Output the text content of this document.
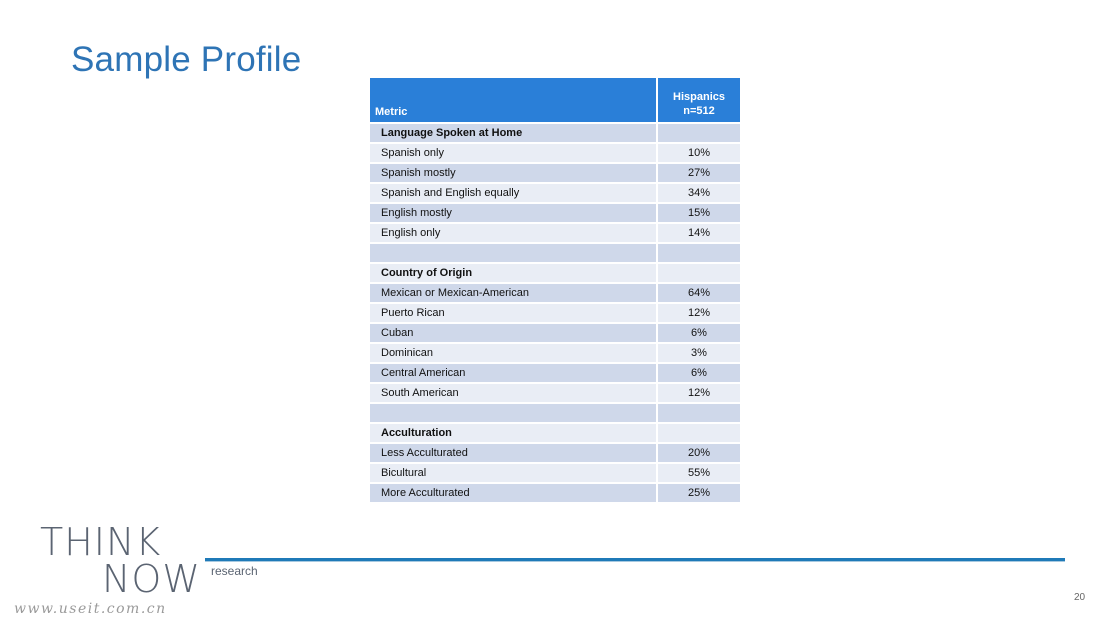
Sample Profile
Metric	Hispanics
n=512
Language Spoken at Home	
Spanish only	10%
Spanish mostly	27%
Spanish and English equally	34%
English mostly	15%
English only	14%

Country of Origin	
Mexican or Mexican-American	64%
Puerto Rican	12%
Cuban	6%
Dominican	3%
Central American	6%
South American	12%

Acculturation	
Less Acculturated	20%
Bicultural	55%
More Acculturated	25%
THINK
NOW research
www.useit.com.cn
20
